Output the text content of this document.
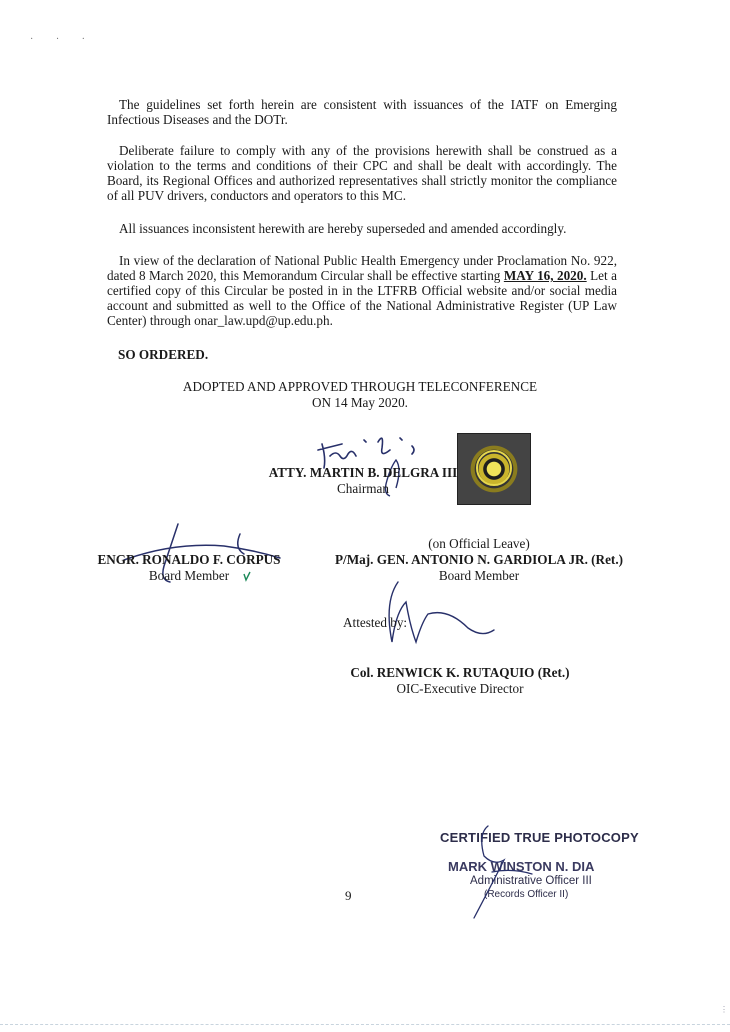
· · ·

The guidelines set forth herein are consistent with issuances of the IATF on Emerging Infectious Diseases and the DOTr.

Deliberate failure to comply with any of the provisions herewith shall be construed as a violation to the terms and conditions of their CPC and shall be dealt with accordingly. The Board, its Regional Offices and authorized representatives shall strictly monitor the compliance of all PUV drivers, conductors and operators to this MC.

All issuances inconsistent herewith are hereby superseded and amended accordingly.

In view of the declaration of National Public Health Emergency under Proclamation No. 922, dated 8 March 2020, this Memorandum Circular shall be effective starting MAY 16, 2020. Let a certified copy of this Circular be posted in in the LTFRB Official website and/or social media account and submitted as well to the Office of the National Administrative Register (UP Law Center) through onar_law.upd@up.edu.ph.

SO ORDERED.
ADOPTED AND APPROVED THROUGH TELECONFERENCE
ON 14 May 2020.
ATTY. MARTIN B. DELGRA III
Chairman
ENGR. RONALDO F. CORPUS
Board Member
(on Official Leave)
P/Maj. GEN. ANTONIO N. GARDIOLA JR. (Ret.)
Board Member
Attested by:
Col. RENWICK K. RUTAQUIO (Ret.)
OIC-Executive Director
CERTIFIED TRUE PHOTOCOPY
MARK WINSTON N. DIA
Administrative Officer III
(Records Officer II)
9
⋮
